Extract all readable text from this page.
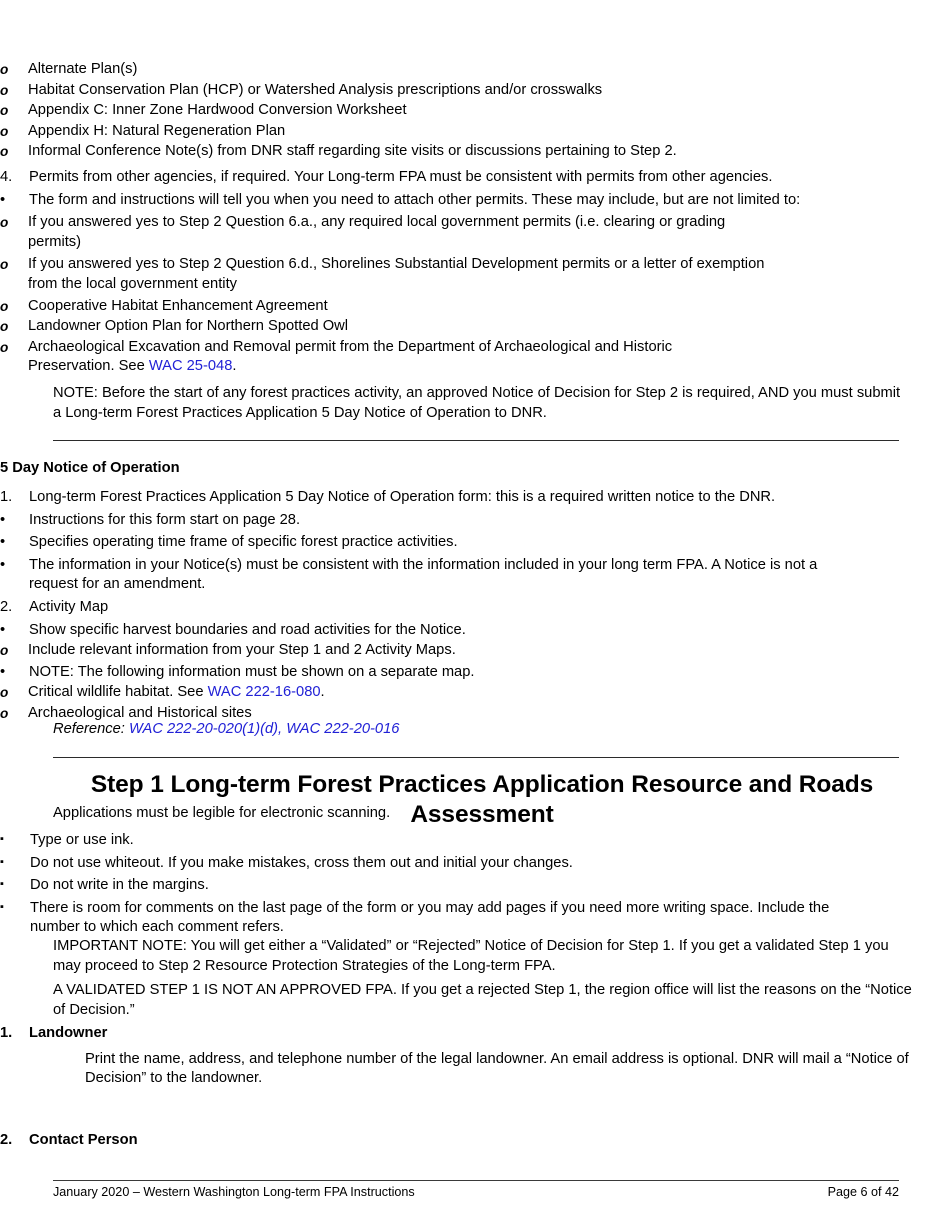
o
Alternate Plan(s)
o
Habitat Conservation Plan (HCP) or Watershed Analysis prescriptions and/or crosswalks
o
Appendix C: Inner Zone Hardwood Conversion Worksheet
o
Appendix H: Natural Regeneration Plan
o
Informal Conference Note(s) from DNR staff regarding site visits or discussions pertaining to Step 2.
4.	Permits from other agencies, if required. Your Long-term FPA must be consistent with permits from other agencies.
•
The form and instructions will tell you when you need to attach other permits. These may include, but are not limited to:
o
If you answered yes to Step 2 Question 6.a., any required local government permits (i.e. clearing or grading permits)
o
If you answered yes to Step 2 Question 6.d., Shorelines Substantial Development permits or a letter of exemption from the local government entity
o
Cooperative Habitat Enhancement Agreement
o
Landowner Option Plan for Northern Spotted Owl
o
Archaeological Excavation and Removal permit from the Department of Archaeological and Historic Preservation. See WAC 25-048.
NOTE: Before the start of any forest practices activity, an approved Notice of Decision for Step 2 is required, AND you must submit a Long-term Forest Practices Application 5 Day Notice of Operation to DNR.
5 Day Notice of Operation
1.	Long-term Forest Practices Application 5 Day Notice of Operation form: this is a required written notice to the DNR.
•
Instructions for this form start on page 28.
•
Specifies operating time frame of specific forest practice activities.
•
The information in your Notice(s) must be consistent with the information included in your long term FPA. A Notice is not a request for an amendment.
2.	Activity Map
•
Show specific harvest boundaries and road activities for the Notice.
o
Include relevant information from your Step 1 and 2 Activity Maps.
•
NOTE: The following information must be shown on a separate map.
o
Critical wildlife habitat. See WAC 222-16-080.
o
Archaeological and Historical sites
Reference: WAC 222-20-020(1)(d), WAC 222-20-016
Step 1 Long-term Forest Practices Application Resource and Roads Assessment
Applications must be legible for electronic scanning.
▪
Type or use ink.
▪
Do not use whiteout. If you make mistakes, cross them out and initial your changes.
▪
Do not write in the margins.
▪
There is room for comments on the last page of the form or you may add pages if you need more writing space. Include the number to which each comment refers.
IMPORTANT NOTE: You will get either a “Validated” or “Rejected” Notice of Decision for Step 1. If you get a validated Step 1 you may proceed to Step 2 Resource Protection Strategies of the Long-term FPA.
A VALIDATED STEP 1 IS NOT AN APPROVED FPA. If you get a rejected Step 1, the region office will list the reasons on the “Notice of Decision.”
1.	Landowner
Print the name, address, and telephone number of the legal landowner. An email address is optional. DNR will mail a “Notice of Decision” to the landowner.
2.	Contact Person
January 2020 – Western Washington Long-term FPA Instructions	Page 6 of 42
